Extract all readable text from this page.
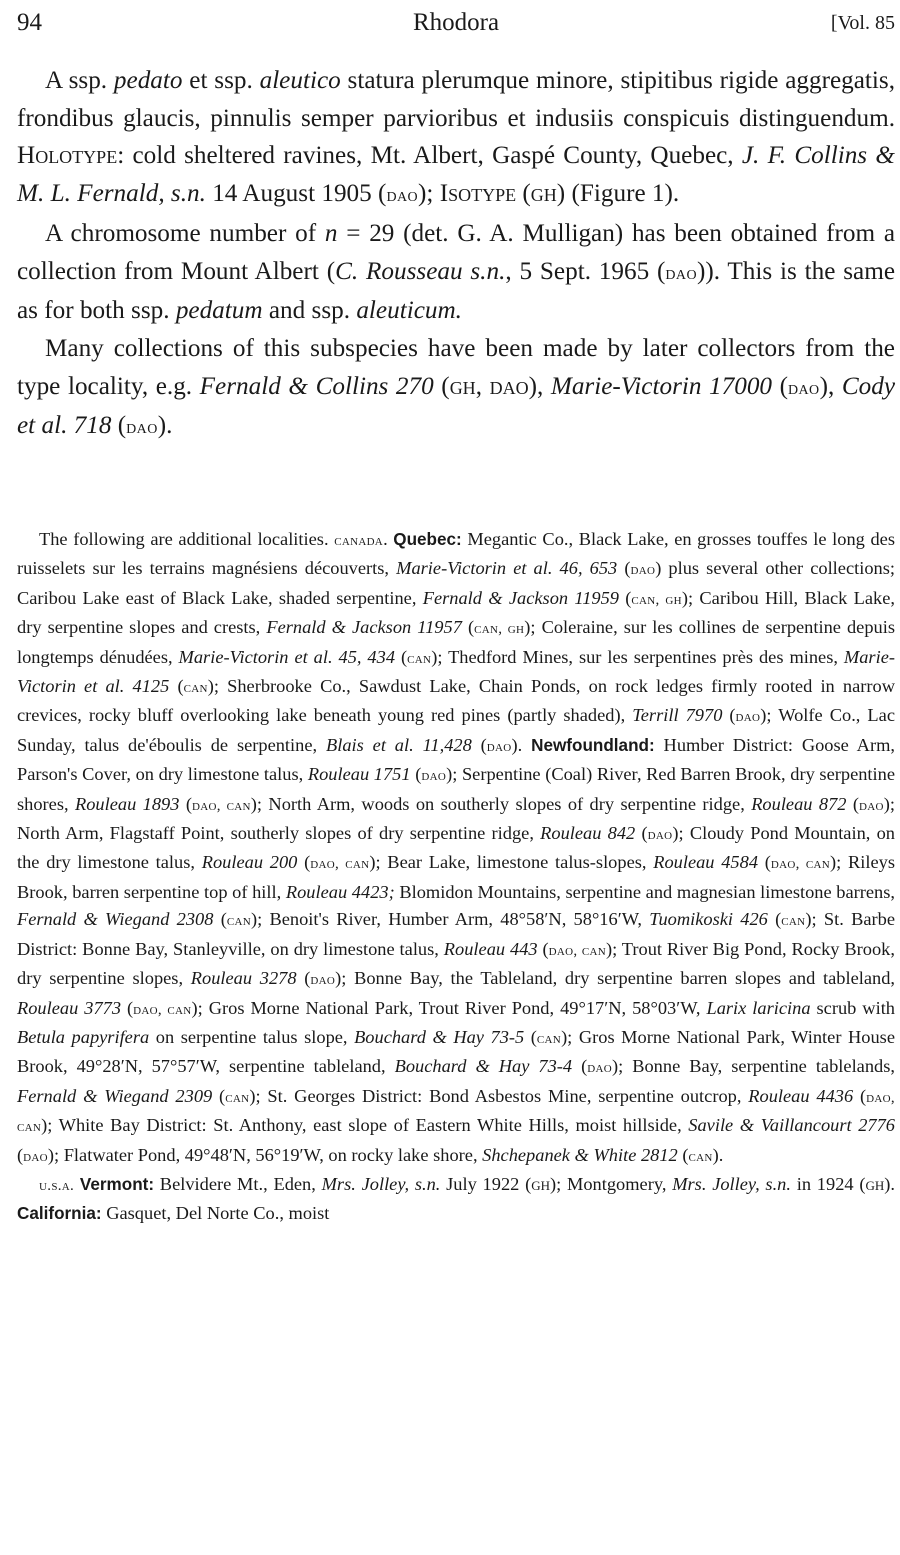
94	Rhodora	[Vol. 85

A ssp. pedato et ssp. aleutico statura plerumque minore, stipitibus rigide aggregatis, frondibus glaucis, pinnulis semper parvioribus et indusiis conspicuis distinguendum. Holotype: cold sheltered ravines, Mt. Albert, Gaspé County, Quebec, J. F. Collins & M. L. Fernald, s.n. 14 August 1905 (dao); Isotype (gh) (Figure 1).

A chromosome number of n = 29 (det. G. A. Mulligan) has been obtained from a collection from Mount Albert (C. Rousseau s.n., 5 Sept. 1965 (dao)). This is the same as for both ssp. pedatum and ssp. aleuticum.

Many collections of this subspecies have been made by later collectors from the type locality, e.g. Fernald & Collins 270 (gh, dao), Marie-Victorin 17000 (dao), Cody et al. 718 (dao).

The following are additional localities. canada. Quebec: Megantic Co., Black Lake, en grosses touffes le long des ruisselets sur les terrains magnésiens découverts, Marie-Victorin et al. 46, 653 (dao) plus several other collections; Caribou Lake east of Black Lake, shaded serpentine, Fernald & Jackson 11959 (can, gh); Caribou Hill, Black Lake, dry serpentine slopes and crests, Fernald & Jackson 11957 (can, gh); Coleraine, sur les collines de serpentine depuis longtemps dénudées, Marie-Victorin et al. 45, 434 (can); Thedford Mines, sur les serpentines près des mines, Marie-Victorin et al. 4125 (can); Sherbrooke Co., Sawdust Lake, Chain Ponds, on rock ledges firmly rooted in narrow crevices, rocky bluff overlooking lake beneath young red pines (partly shaded), Terrill 7970 (dao); Wolfe Co., Lac Sunday, talus de'éboulis de serpentine, Blais et al. 11,428 (dao). Newfoundland: Humber District: Goose Arm, Parson's Cover, on dry limestone talus, Rouleau 1751 (dao); Serpentine (Coal) River, Red Barren Brook, dry serpentine shores, Rouleau 1893 (dao, can); North Arm, woods on southerly slopes of dry serpentine ridge, Rouleau 872 (dao); North Arm, Flagstaff Point, southerly slopes of dry serpentine ridge, Rouleau 842 (dao); Cloudy Pond Mountain, on the dry limestone talus, Rouleau 200 (dao, can); Bear Lake, limestone talus-slopes, Rouleau 4584 (dao, can); Rileys Brook, barren serpentine top of hill, Rouleau 4423; Blomidon Mountains, serpentine and magnesian limestone barrens, Fernald & Wiegand 2308 (can); Benoit's River, Humber Arm, 48°58′N, 58°16′W, Tuomikoski 426 (can); St. Barbe District: Bonne Bay, Stanleyville, on dry limestone talus, Rouleau 443 (dao, can); Trout River Big Pond, Rocky Brook, dry serpentine slopes, Rouleau 3278 (dao); Bonne Bay, the Tableland, dry serpentine barren slopes and tableland, Rouleau 3773 (dao, can); Gros Morne National Park, Trout River Pond, 49°17′N, 58°03′W, Larix laricina scrub with Betula papyrifera on serpentine talus slope, Bouchard & Hay 73-5 (can); Gros Morne National Park, Winter House Brook, 49°28′N, 57°57′W, serpentine tableland, Bouchard & Hay 73-4 (dao); Bonne Bay, serpentine tablelands, Fernald & Wiegand 2309 (can); St. Georges District: Bond Asbestos Mine, serpentine outcrop, Rouleau 4436 (dao, can); White Bay District: St. Anthony, east slope of Eastern White Hills, moist hillside, Savile & Vaillancourt 2776 (dao); Flatwater Pond, 49°48′N, 56°19′W, on rocky lake shore, Shchepanek & White 2812 (can).

u.s.a. Vermont: Belvidere Mt., Eden, Mrs. Jolley, s.n. July 1922 (gh); Montgomery, Mrs. Jolley, s.n. in 1924 (gh). California: Gasquet, Del Norte Co., moist
